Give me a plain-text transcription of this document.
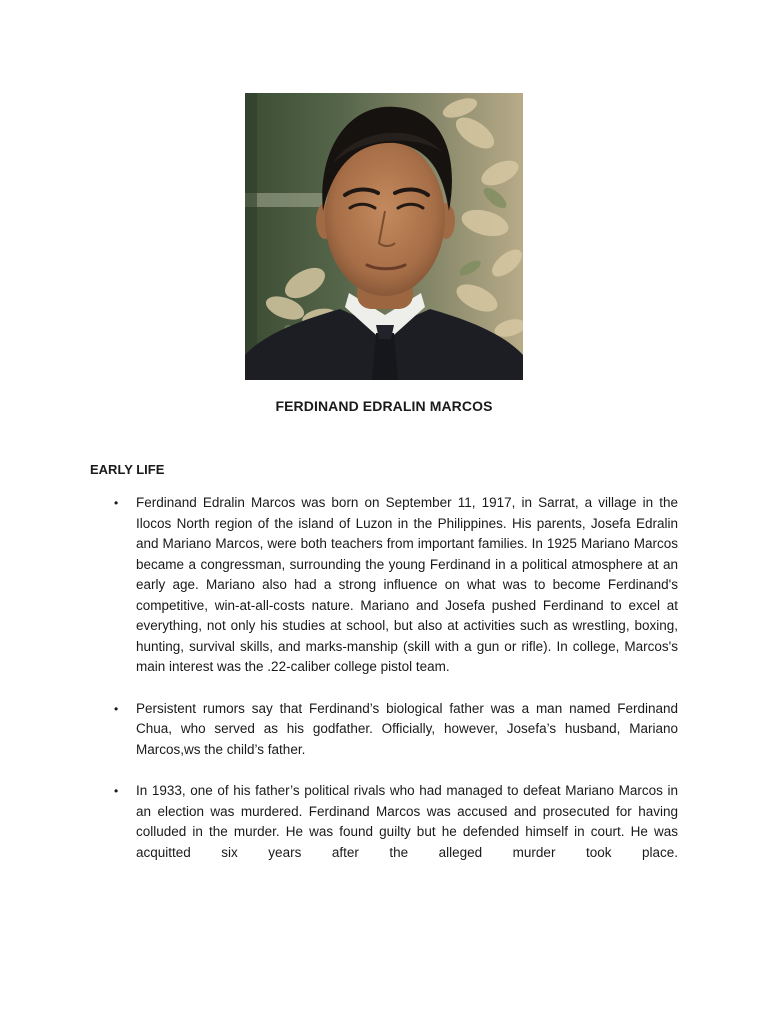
FERDINAND EDRALIN MARCOS
EARLY LIFE
• Ferdinand Edralin Marcos was born on September 11, 1917, in Sarrat, a village in the Ilocos North region of the island of Luzon in the Philippines. His parents, Josefa Edralin and Mariano Marcos, were both teachers from important families. In 1925 Mariano Marcos became a congressman, surrounding the young Ferdinand in a political atmosphere at an early age. Mariano also had a strong influence on what was to become Ferdinand's competitive, win-at-all-costs nature. Mariano and Josefa pushed Ferdinand to excel at everything, not only his studies at school, but also at activities such as wrestling, boxing, hunting, survival skills, and marks-manship (skill with a gun or rifle). In college, Marcos's main interest was the .22-caliber college pistol team.
• Persistent rumors say that Ferdinand’s biological father was a man named Ferdinand Chua, who served as his godfather. Officially, however, Josefa’s husband, Mariano Marcos,ws the child’s father.
• In 1933, one of his father’s political rivals who had managed to defeat Mariano Marcos in an election was murdered. Ferdinand Marcos was accused and prosecuted for having colluded in the murder. He was found guilty but he defended himself in court. He was acquitted six years after the alleged murder took place.
